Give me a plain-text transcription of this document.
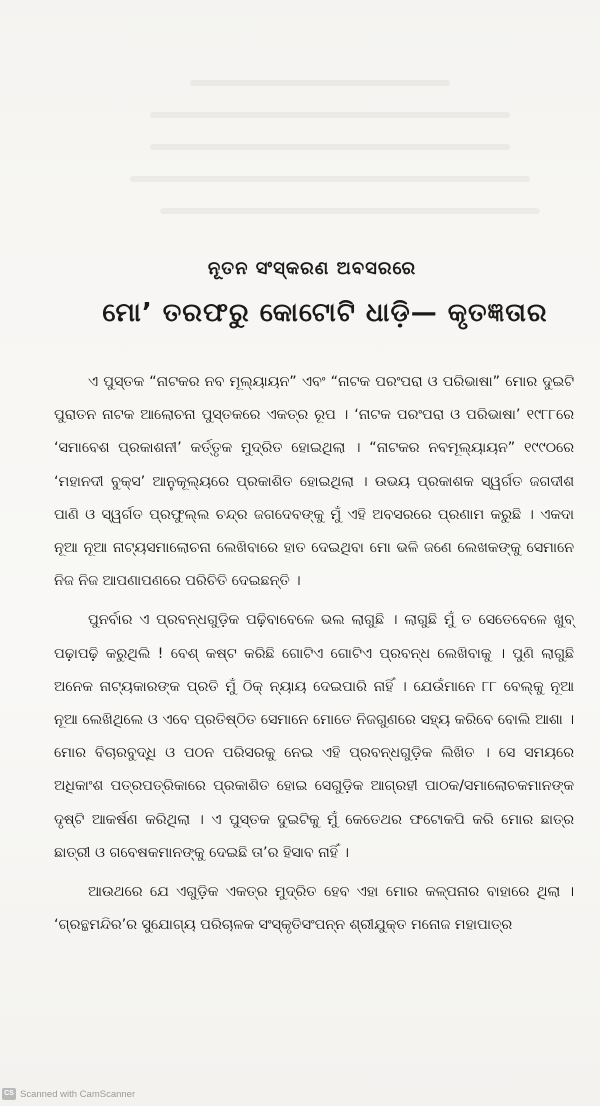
ନୂତନ ସଂସ୍କରଣ ଅବସରରେ
ମୋ’ ତରଫରୁ କୋଟୋଟି ଧାଡ଼ି— କୃତଜ୍ଞତାର

ଏ ପୁସ୍ତକ “ନାଟକର ନବ ମୂଲ୍ୟାୟନ” ଏବଂ “ନାଟକ ପରଂପରା ଓ ପରିଭାଷା” ମୋର ଦୁଇଟି ପୁରାତନ ନାଟକ ଆଲୋଚନା ପୁସ୍ତକରେ ଏକତ୍ର ରୂପ । ‘ନାଟକ ପରଂପରା ଓ ପରିଭାଷା’ ୧୯୮୮ରେ ‘ସମାବେଶ ପ୍ରକାଶନୀ’ କର୍ତ୍ତୃକ ମୁଦ୍ରିତ ହୋଇଥିଲା । “ନାଟକର ନବମୂଲ୍ୟାୟନ” ୧୯୯୦ରେ ‘ମହାନଦୀ ବୁକ୍ସ’ ଆନୁକୂଲ୍ୟରେ ପ୍ରକାଶିତ ହୋଇଥିଲା । ଉଭୟ ପ୍ରକାଶକ ସ୍ୱର୍ଗତ ଜଗଦୀଶ ପାଣି ଓ ସ୍ୱର୍ଗତ ପ୍ରଫୁଲ୍ଲ ଚନ୍ଦ୍ର ଜଗଦେବଙ୍କୁ ମୁଁ ଏହି ଅବସରରେ ପ୍ରଣାମ କରୁଛି । ଏକଦା ନୂଆ ନୂଆ ନାଟ୍ୟସମାଲୋଚନା ଲେଖିବାରେ ହାତ ଦେଇଥିବା ମୋ ଭଳି ଜଣେ ଲେଖକଙ୍କୁ ସେମାନେ ନିଜ ନିଜ ଆପଣାପଣରେ ପରିଚିତି ଦେଇଛନ୍ତି ।

ପୁନର୍ବାର ଏ ପ୍ରବନ୍ଧଗୁଡ଼ିକ ପଢ଼ିବାବେଳେ ଭଲ ଲାଗୁଛି । ଲାଗୁଛି ମୁଁ ତ ସେତେବେଳେ ଖୁବ୍ ପଢ଼ାପଢ଼ି କରୁଥିଲି ! ବେଶ୍ କଷ୍ଟ କରିଛି ଗୋଟିଏ ଗୋଟିଏ ପ୍ରବନ୍ଧ ଲେଖିବାକୁ । ପୁଣି ଲାଗୁଛି ଅନେକ ନାଟ୍ୟକାରଙ୍କ ପ୍ରତି ମୁଁ ଠିକ୍ ନ୍ୟାୟ ଦେଇପାରି ନାହିଁ । ଯେଉଁମାନେ ୮୮ ବେଲ୍‌କୁ ନୂଆ ନୂଆ ଲେଖିଥିଲେ ଓ ଏବେ ପ୍ରତିଷ୍ଠିତ ସେମାନେ ମୋତେ ନିଜଗୁଣରେ ସହ୍ୟ କରିବେ ବୋଲି ଆଶା । ମୋର ବିଚାରବୁଦ୍ଧି ଓ ପଠନ ପରିସରକୁ ନେଇ ଏହି ପ୍ରବନ୍ଧଗୁଡ଼ିକ ଲିଖିତ । ସେ ସମୟରେ ଅଧିକାଂଶ ପତ୍ରପତ୍ରିକାରେ ପ୍ରକାଶିତ ହୋଇ ସେଗୁଡ଼ିକ ଆଗ୍ରହୀ ପାଠକ/ସମାଲୋଚକମାନଙ୍କ ଦୃଷ୍ଟି ଆକର୍ଷଣ କରିଥିଲା । ଏ ପୁସ୍ତକ ଦୁଇଟିକୁ ମୁଁ କେତେଥର ଫଟୋକପି କରି ମୋର ଛାତ୍ର ଛାତ୍ରୀ ଓ ଗବେଷକମାନଙ୍କୁ ଦେଇଛି ତା’ର ହିସାବ ନାହିଁ ।

ଆଉଥରେ ଯେ ଏଗୁଡ଼ିକ ଏକତ୍ର ମୁଦ୍ରିତ ହେବ ଏହା ମୋର କଳ୍ପନାର ବାହାରେ ଥିଲା । ‘ଗ୍ରନ୍ଥମନ୍ଦିର’ର ସୁଯୋଗ୍ୟ ପରିଚାଳକ ସଂସ୍କୃତିସଂପନ୍ନ ଶ୍ରୀଯୁକ୍ତ ମନୋଜ ମହାପାତ୍ର

CS Scanned with CamScanner
